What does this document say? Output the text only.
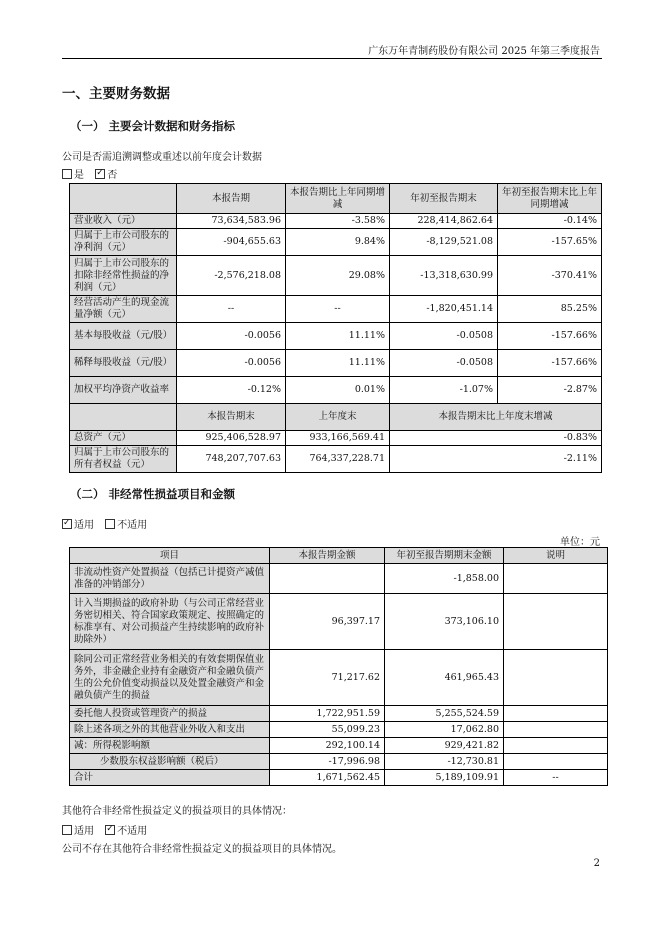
广东万年青制药股份有限公司 2025 年第三季度报告
一、主要财务数据
（一） 主要会计数据和财务指标
公司是否需追溯调整或重述以前年度会计数据
是 ✓ 否
	本报告期	本报告期比上年同期增减	年初至报告期末	年初至报告期末比上年同期增减
营业收入（元）	73,634,583.96	-3.58%	228,414,862.64	-0.14%
归属于上市公司股东的净利润（元）	-904,655.63	9.84%	-8,129,521.08	-157.65%
归属于上市公司股东的扣除非经常性损益的净利润（元）	-2,576,218.08	29.08%	-13,318,630.99	-370.41%
经营活动产生的现金流量净额（元）	--	--	-1,820,451.14	85.25%
基本每股收益（元/股）	-0.0056	11.11%	-0.0508	-157.66%
稀释每股收益（元/股）	-0.0056	11.11%	-0.0508	-157.66%
加权平均净资产收益率	-0.12%	0.01%	-1.07%	-2.87%
	本报告期末	上年度末	本报告期末比上年度末增减	
总资产（元）	925,406,528.97	933,166,569.41	-0.83%	
归属于上市公司股东的所有者权益（元）	748,207,707.63	764,337,228.71	-2.11%	
（二） 非经常性损益项目和金额
✓适用 不适用
单位：元
项目	本报告期金额	年初至报告期期末金额	说明
非流动性资产处置损益（包括已计提资产减值准备的冲销部分）		-1,858.00	
计入当期损益的政府补助（与公司正常经营业务密切相关、符合国家政策规定、按照确定的标准享有、对公司损益产生持续影响的政府补助除外）	96,397.17	373,106.10	
除同公司正常经营业务相关的有效套期保值业务外，非金融企业持有金融资产和金融负债产生的公允价值变动损益以及处置金融资产和金融负债产生的损益	71,217.62	461,965.43	
委托他人投资或管理资产的损益	1,722,951.59	5,255,524.59	
除上述各项之外的其他营业外收入和支出	55,099.23	17,062.80	
减：所得税影响额	292,100.14	929,421.82	
少数股东权益影响额（税后）	-17,996.98	-12,730.81	
合计	1,671,562.45	5,189,109.91	--
其他符合非经常性损益定义的损益项目的具体情况：
适用 ✓ 不适用
公司不存在其他符合非经常性损益定义的损益项目的具体情况。
2
